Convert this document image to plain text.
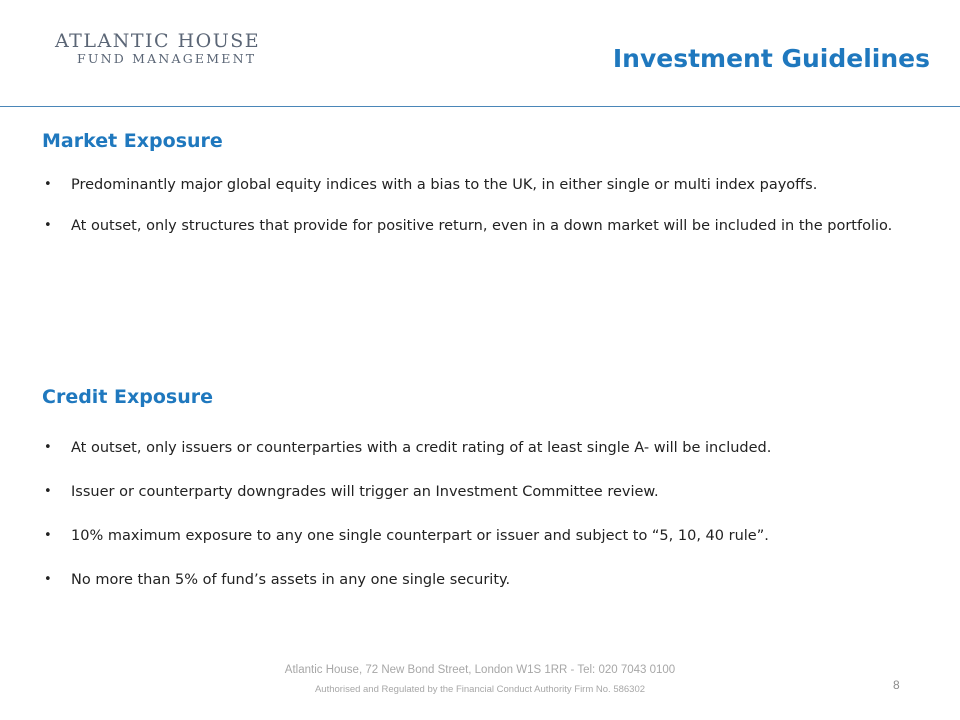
ATLANTIC HOUSE
FUND MANAGEMENT	Investment Guidelines
Market Exposure
• Predominantly major global equity indices with a bias to the UK, in either single or multi index payoffs.
• At outset, only structures that provide for positive return, even in a down market will be included in the portfolio.
Credit Exposure
• At outset, only issuers or counterparties with a credit rating of at least single A- will be included.
• Issuer or counterparty downgrades will trigger an Investment Committee review.
• 10% maximum exposure to any one single counterpart or issuer and subject to “5, 10, 40 rule”.
• No more than 5% of fund’s assets in any one single security.
Atlantic House, 72 New Bond Street, London W1S 1RR - Tel: 020 7043 0100
Authorised and Regulated by the Financial Conduct Authority Firm No. 586302	8
